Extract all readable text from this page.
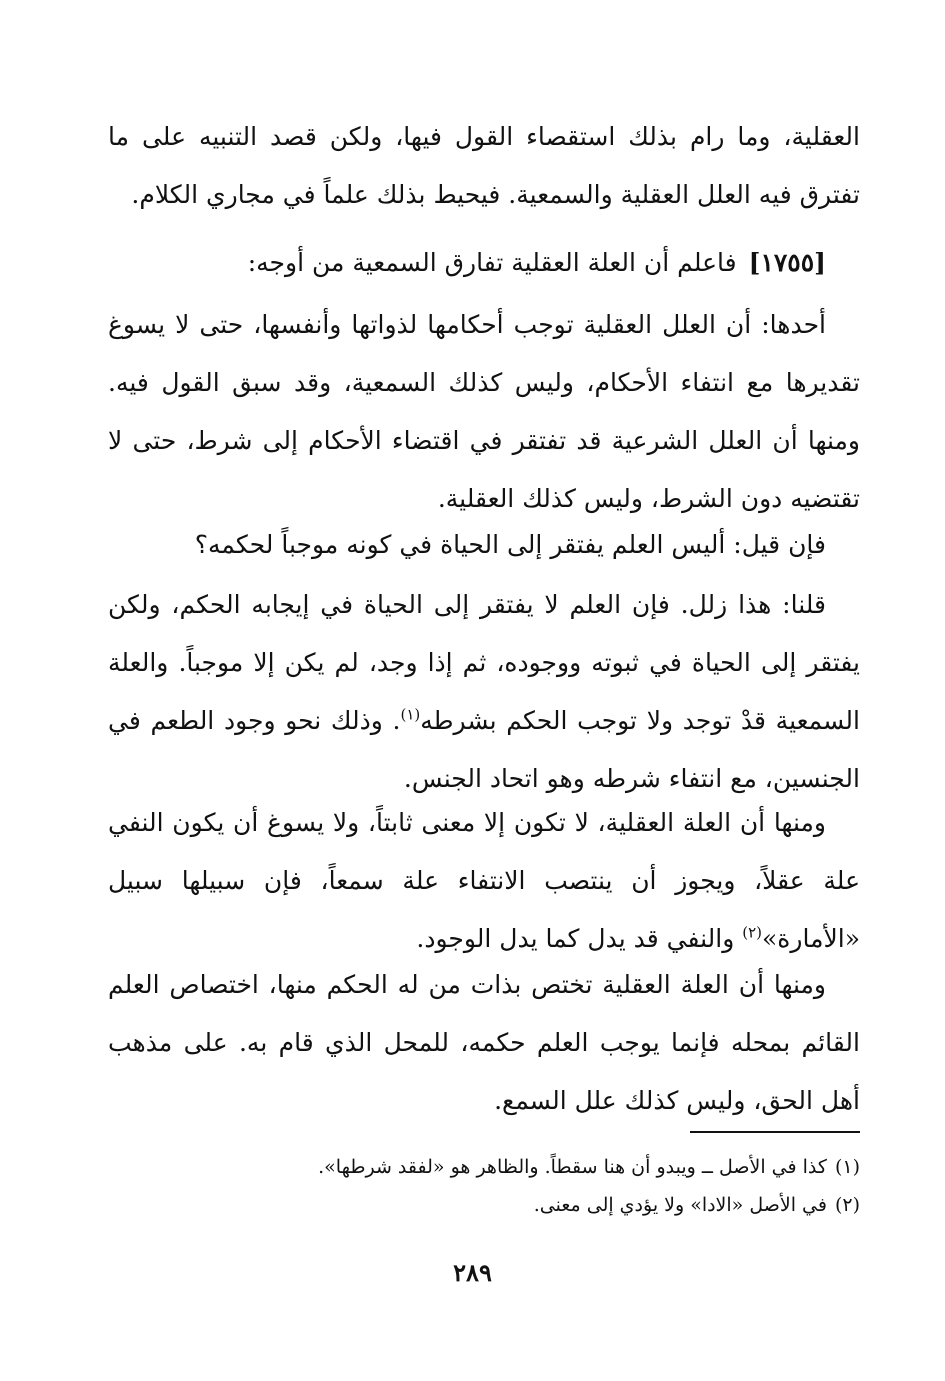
العقلية، وما رام بذلك استقصاء القول فيها، ولكن قصد التنبيه على ما تفترق فيه العلل العقلية والسمعية. فيحيط بذلك علماً في مجاري الكلام.

[١٧٥٥]فاعلم أن العلة العقلية تفارق السمعية من أوجه:

أحدها: أن العلل العقلية توجب أحكامها لذواتها وأنفسها، حتى لا يسوغ تقديرها مع انتفاء الأحكام، وليس كذلك السمعية، وقد سبق القول فيه. ومنها أن العلل الشرعية قد تفتقر في اقتضاء الأحكام إلى شرط، حتى لا تقتضيه دون الشرط، وليس كذلك العقلية.

فإن قيل: أليس العلم يفتقر إلى الحياة في كونه موجباً لحكمه؟

قلنا: هذا زلل. فإن العلم لا يفتقر إلى الحياة في إيجابه الحكم، ولكن يفتقر إلى الحياة في ثبوته ووجوده، ثم إذا وجد، لم يكن إلا موجباً. والعلة السمعية قدْ توجد ولا توجب الحكم بشرطه$^{(١)}$. وذلك نحو وجود الطعم في الجنسين، مع انتفاء شرطه وهو اتحاد الجنس.

ومنها أن العلة العقلية، لا تكون إلا معنى ثابتاً، ولا يسوغ أن يكون النفي علة عقلاً، ويجوز أن ينتصب الانتفاء علة سمعاً، فإن سبيلها سبيل «الأمارة»$^{(٢)}$ والنفي قد يدل كما يدل الوجود.

ومنها أن العلة العقلية تختص بذات من له الحكم منها، اختصاص العلم القائم بمحله فإنما يوجب العلم حكمه، للمحل الذي قام به. على مذهب أهل الحق، وليس كذلك علل السمع.

(١)كذا في الأصل ــ ويبدو أن هنا سقطاً. والظاهر هو «لفقد شرطها».
(٢)في الأصل «الادا» ولا يؤدي إلى معنى.
٢٨٩
